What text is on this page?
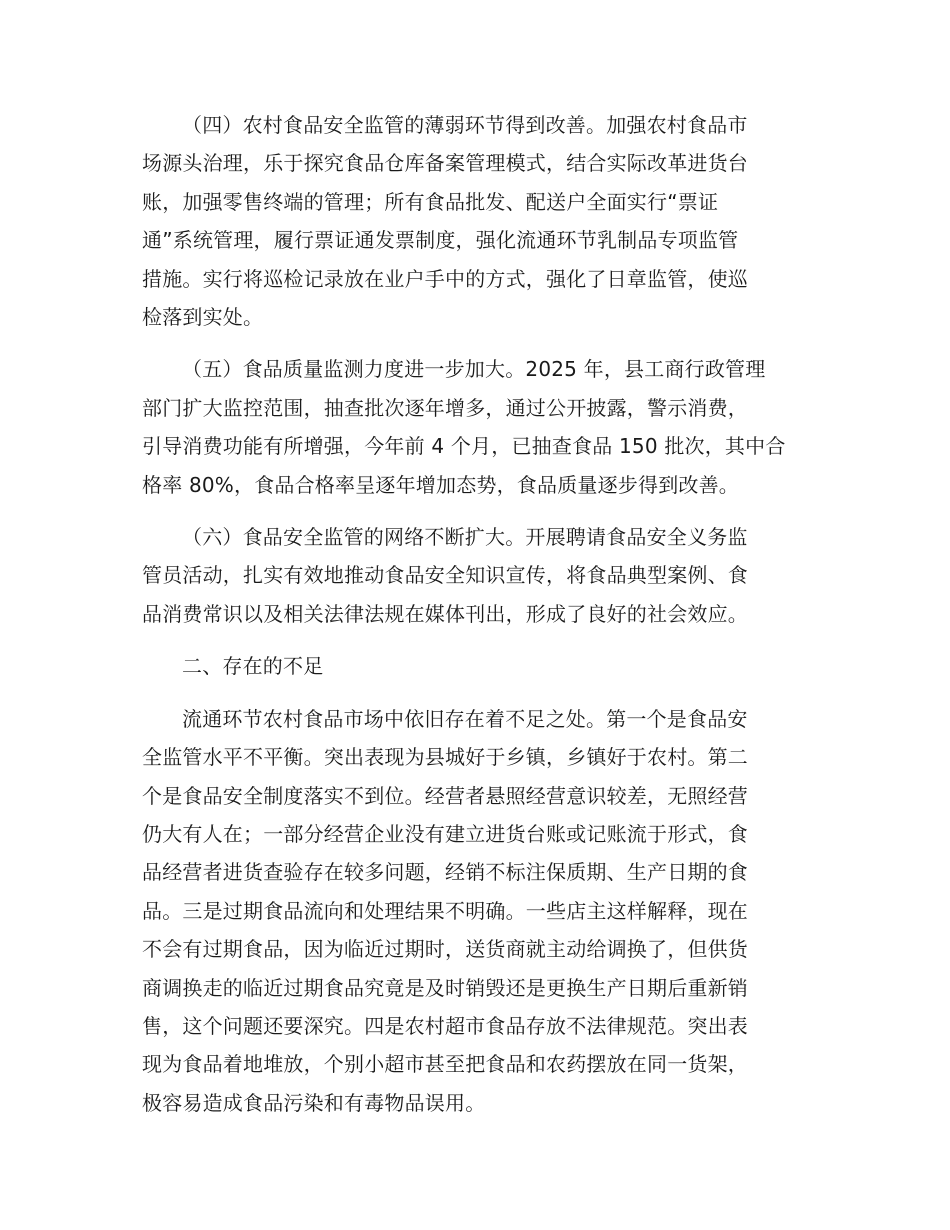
（四）农村食品安全监管的薄弱环节得到改善。加强农村食品市
场源头治理，乐于探究食品仓库备案管理模式，结合实际改革进货台
账，加强零售终端的管理；所有食品批发、配送户全面实行“票证
通”系统管理，履行票证通发票制度，强化流通环节乳制品专项监管
措施。实行将巡检记录放在业户手中的方式，强化了日章监管，使巡
检落到实处。
（五）食品质量监测力度进一步加大。2025 年，县工商行政管理
部门扩大监控范围，抽查批次逐年增多，通过公开披露，警示消费，
引导消费功能有所增强，今年前 4 个月，已抽查食品 150 批次，其中合
格率 80%，食品合格率呈逐年增加态势，食品质量逐步得到改善。
（六）食品安全监管的网络不断扩大。开展聘请食品安全义务监
管员活动，扎实有效地推动食品安全知识宣传，将食品典型案例、食
品消费常识以及相关法律法规在媒体刊出，形成了良好的社会效应。
二、存在的不足
流通环节农村食品市场中依旧存在着不足之处。第一个是食品安
全监管水平不平衡。突出表现为县城好于乡镇，乡镇好于农村。第二
个是食品安全制度落实不到位。经营者悬照经营意识较差，无照经营
仍大有人在；一部分经营企业没有建立进货台账或记账流于形式，食
品经营者进货查验存在较多问题，经销不标注保质期、生产日期的食
品。三是过期食品流向和处理结果不明确。一些店主这样解释，现在
不会有过期食品，因为临近过期时，送货商就主动给调换了，但供货
商调换走的临近过期食品究竟是及时销毁还是更换生产日期后重新销
售，这个问题还要深究。四是农村超市食品存放不法律规范。突出表
现为食品着地堆放，个别小超市甚至把食品和农药摆放在同一货架，
极容易造成食品污染和有毒物品误用。
